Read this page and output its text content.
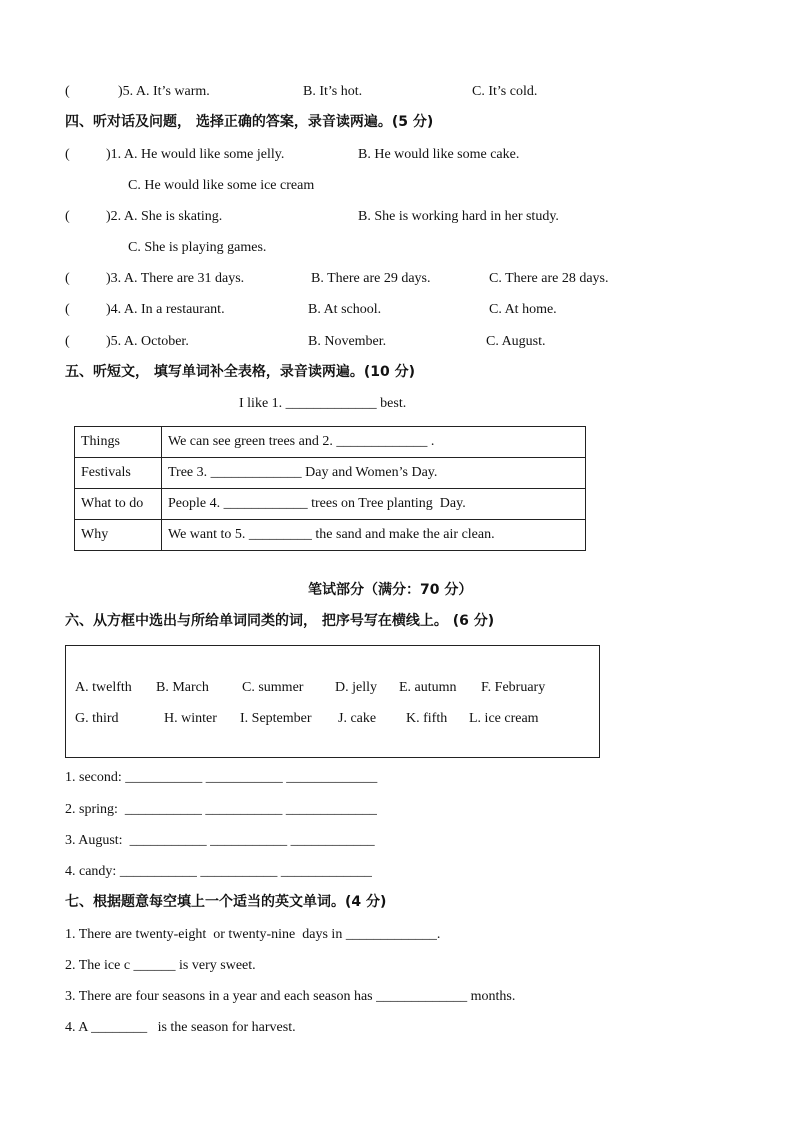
(	)5. A. It’s warm.	B. It’s hot.	C. It’s cold.
四、听对话及问题， 选择正确的答案，录音读两遍。(5 分)
(	)1. A. He would like some jelly.	B. He would like some cake.
C. He would like some ice cream
(	)2. A. She is skating.	B. She is working hard in her study.
C. She is playing games.
(	)3. A. There are 31 days.	B. There are 29 days.	C. There are 28 days.
(	)4. A. In a restaurant.	B. At school.	C. At home.
(	)5. A. October.	B. November.	C. August.
五、听短文， 填写单词补全表格，录音读两遍。(10 分)
I like 1. _____________ best.
Things	We can see green trees and 2. _____________ .
Festivals	Tree 3. _____________ Day and Women’s Day.
What to do	People 4. ____________ trees on Tree planting  Day.
Why	We want to 5. _________ the sand and make the air clean.
笔试部分（满分：70 分）
六、从方框中选出与所给单词同类的词， 把序号写在横线上。 (6 分)
A. twelfth B. March C. summer D. jelly E. autumn F. February
G. third	H. winter I. September J. cake K. fifth L. ice cream
1. second: ___________ ___________ _____________
2. spring:  ___________ ___________ _____________
3. August:  ___________ ___________ ____________
4. candy: ___________ ___________ _____________
七、根据题意每空填上一个适当的英文单词。(4 分)
1. There are twenty-eight  or twenty-nine  days in _____________.
2. The ice c ______ is very sweet.
3. There are four seasons in a year and each season has _____________ months.
4. A ________   is the season for harvest.
